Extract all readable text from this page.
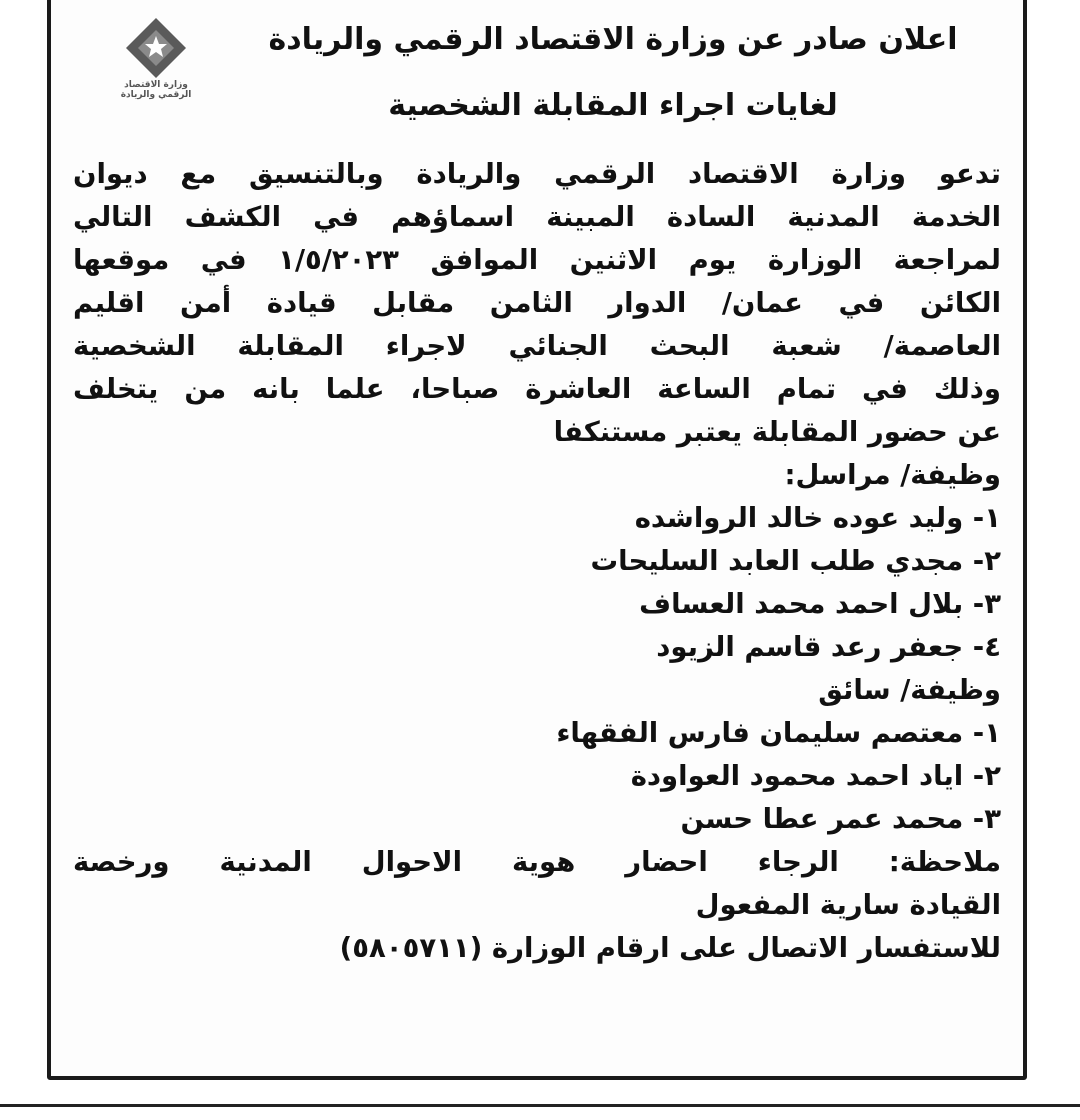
وزارة الاقتصاد
الرقمي والريادة
اعلان صادر عن وزارة الاقتصاد الرقمي والريادة
لغايات اجراء المقابلة الشخصية
تدعو وزارة الاقتصاد الرقمي والريادة وبالتنسيق مع ديوان
الخدمة المدنية السادة المبينة اسماؤهم في الكشف التالي
لمراجعة الوزارة يوم الاثنين الموافق ١/٥/٢٠٢٣ في موقعها
الكائن في عمان/ الدوار الثامن مقابل قيادة أمن اقليم
العاصمة/ شعبة البحث الجنائي لاجراء المقابلة الشخصية
وذلك في تمام الساعة العاشرة صباحا، علما بانه من يتخلف
عن حضور المقابلة يعتبر مستنكفا
وظيفة/ مراسل:
١- وليد عوده خالد الرواشده
٢- مجدي طلب العابد السليحات
٣- بلال احمد محمد العساف
٤- جعفر رعد قاسم الزيود
وظيفة/ سائق
١- معتصم سليمان فارس الفقهاء
٢- اياد احمد محمود العواودة
٣- محمد عمر عطا حسن
ملاحظة: الرجاء احضار هوية الاحوال المدنية ورخصة
القيادة سارية المفعول
للاستفسار الاتصال على ارقام الوزارة (٥٨٠٥٧١١)
